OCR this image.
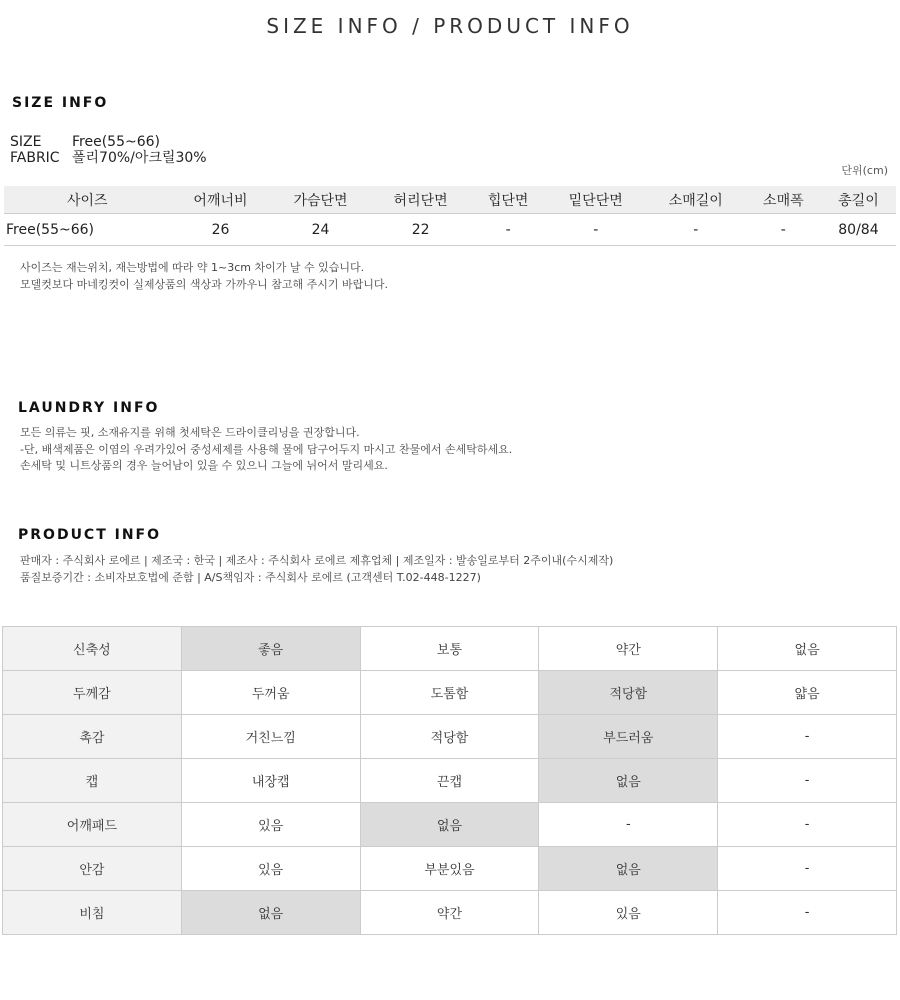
SIZE INFO / PRODUCT INFO
SIZE INFO
SIZE	Free(55~66)
FABRIC 폴리70%/아크릴30%
단위(cm)
사이즈	어깨너비	가슴단면	허리단면	힙단면	밑단단면	소매길이	소매폭	총길이
Free(55~66)	26	24	22	-	-	-	-	80/84
사이즈는 재는위치, 재는방법에 따라 약 1~3cm 차이가 날 수 있습니다.
모델컷보다 마네킹컷이 실제상품의 색상과 가까우니 참고해 주시기 바랍니다.
LAUNDRY INFO
모든 의류는 핏, 소재유지를 위해 첫세탁은 드라이클리닝을 권장합니다.
-단, 배색제품은 이염의 우려가있어 중성세제를 사용해 물에 담구어두지 마시고 찬물에서 손세탁하세요.
손세탁 및 니트상품의 경우 늘어남이 있을 수 있으니 그늘에 뉘어서 말리세요.
PRODUCT INFO
판매자 : 주식회사 로에르 | 제조국 : 한국 | 제조사 : 주식회사 로에르 제휴업체 | 제조일자 : 발송일로부터 2주이내(수시제작)
품질보증기간 : 소비자보호법에 준함 | A/S책임자 : 주식회사 로에르 (고객센터 T.02-448-1227)
신축성	좋음	보통	약간	없음
두께감	두꺼움	도톰함	적당함	얇음
촉감	거친느낌	적당함	부드러움	-
캡	내장캡	끈캡	없음	-
어깨패드	있음	없음	-	-
안감	있음	부분있음	없음	-
비침	없음	약간	있음	-
